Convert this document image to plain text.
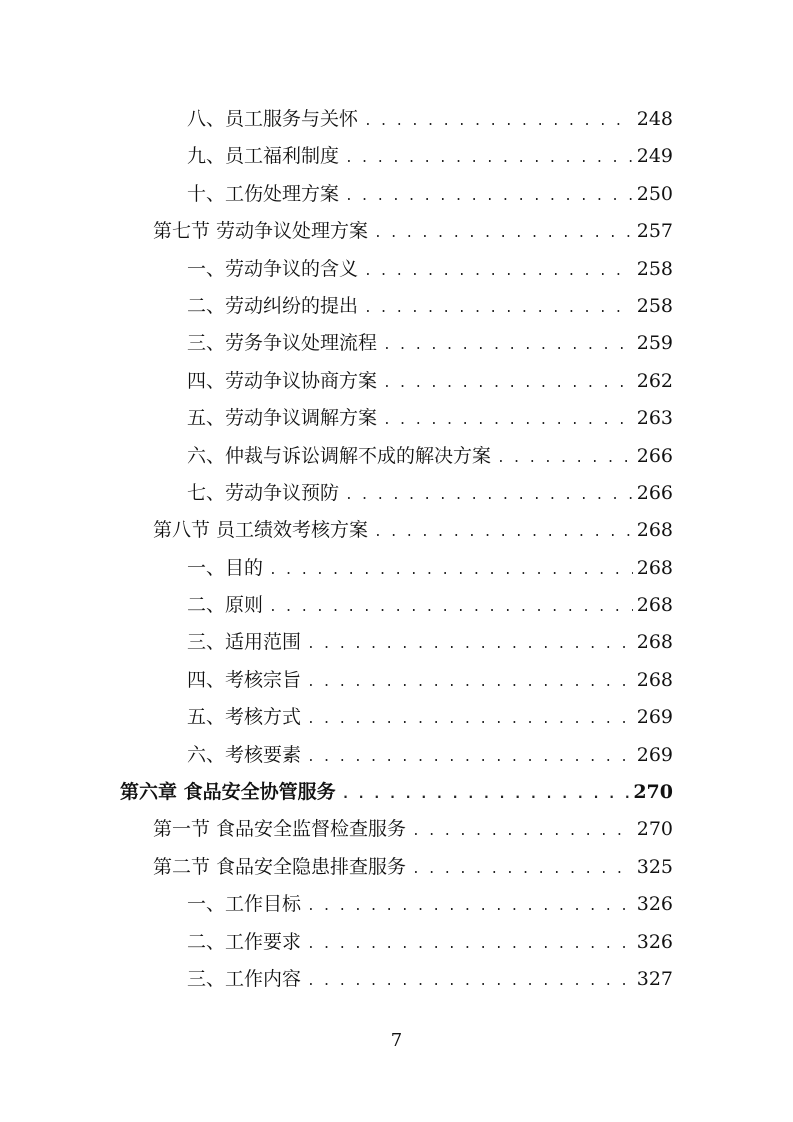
八、员工服务与关怀 . . .	248
九、员工福利制度 . . .	249
十、工伤处理方案 . . .	250
第七节 劳动争议处理方案 . . .	257
一、劳动争议的含义 . . .	258
二、劳动纠纷的提出 . . .	258
三、劳务争议处理流程 . . .	259
四、劳动争议协商方案 . . .	262
五、劳动争议调解方案 . . .	263
六、仲裁与诉讼调解不成的解决方案 . . .	266
七、劳动争议预防 . . .	266
第八节 员工绩效考核方案 . . .	268
一、目的 . . .	268
二、原则 . . .	268
三、适用范围 . . .	268
四、考核宗旨 . . .	268
五、考核方式 . . .	269
六、考核要素 . . .	269
第六章 食品安全协管服务 . . .	270
第一节 食品安全监督检查服务 . . .	270
第二节 食品安全隐患排查服务 . . .	325
一、工作目标 . . .	326
二、工作要求 . . .	326
三、工作内容 . . .	327
7
